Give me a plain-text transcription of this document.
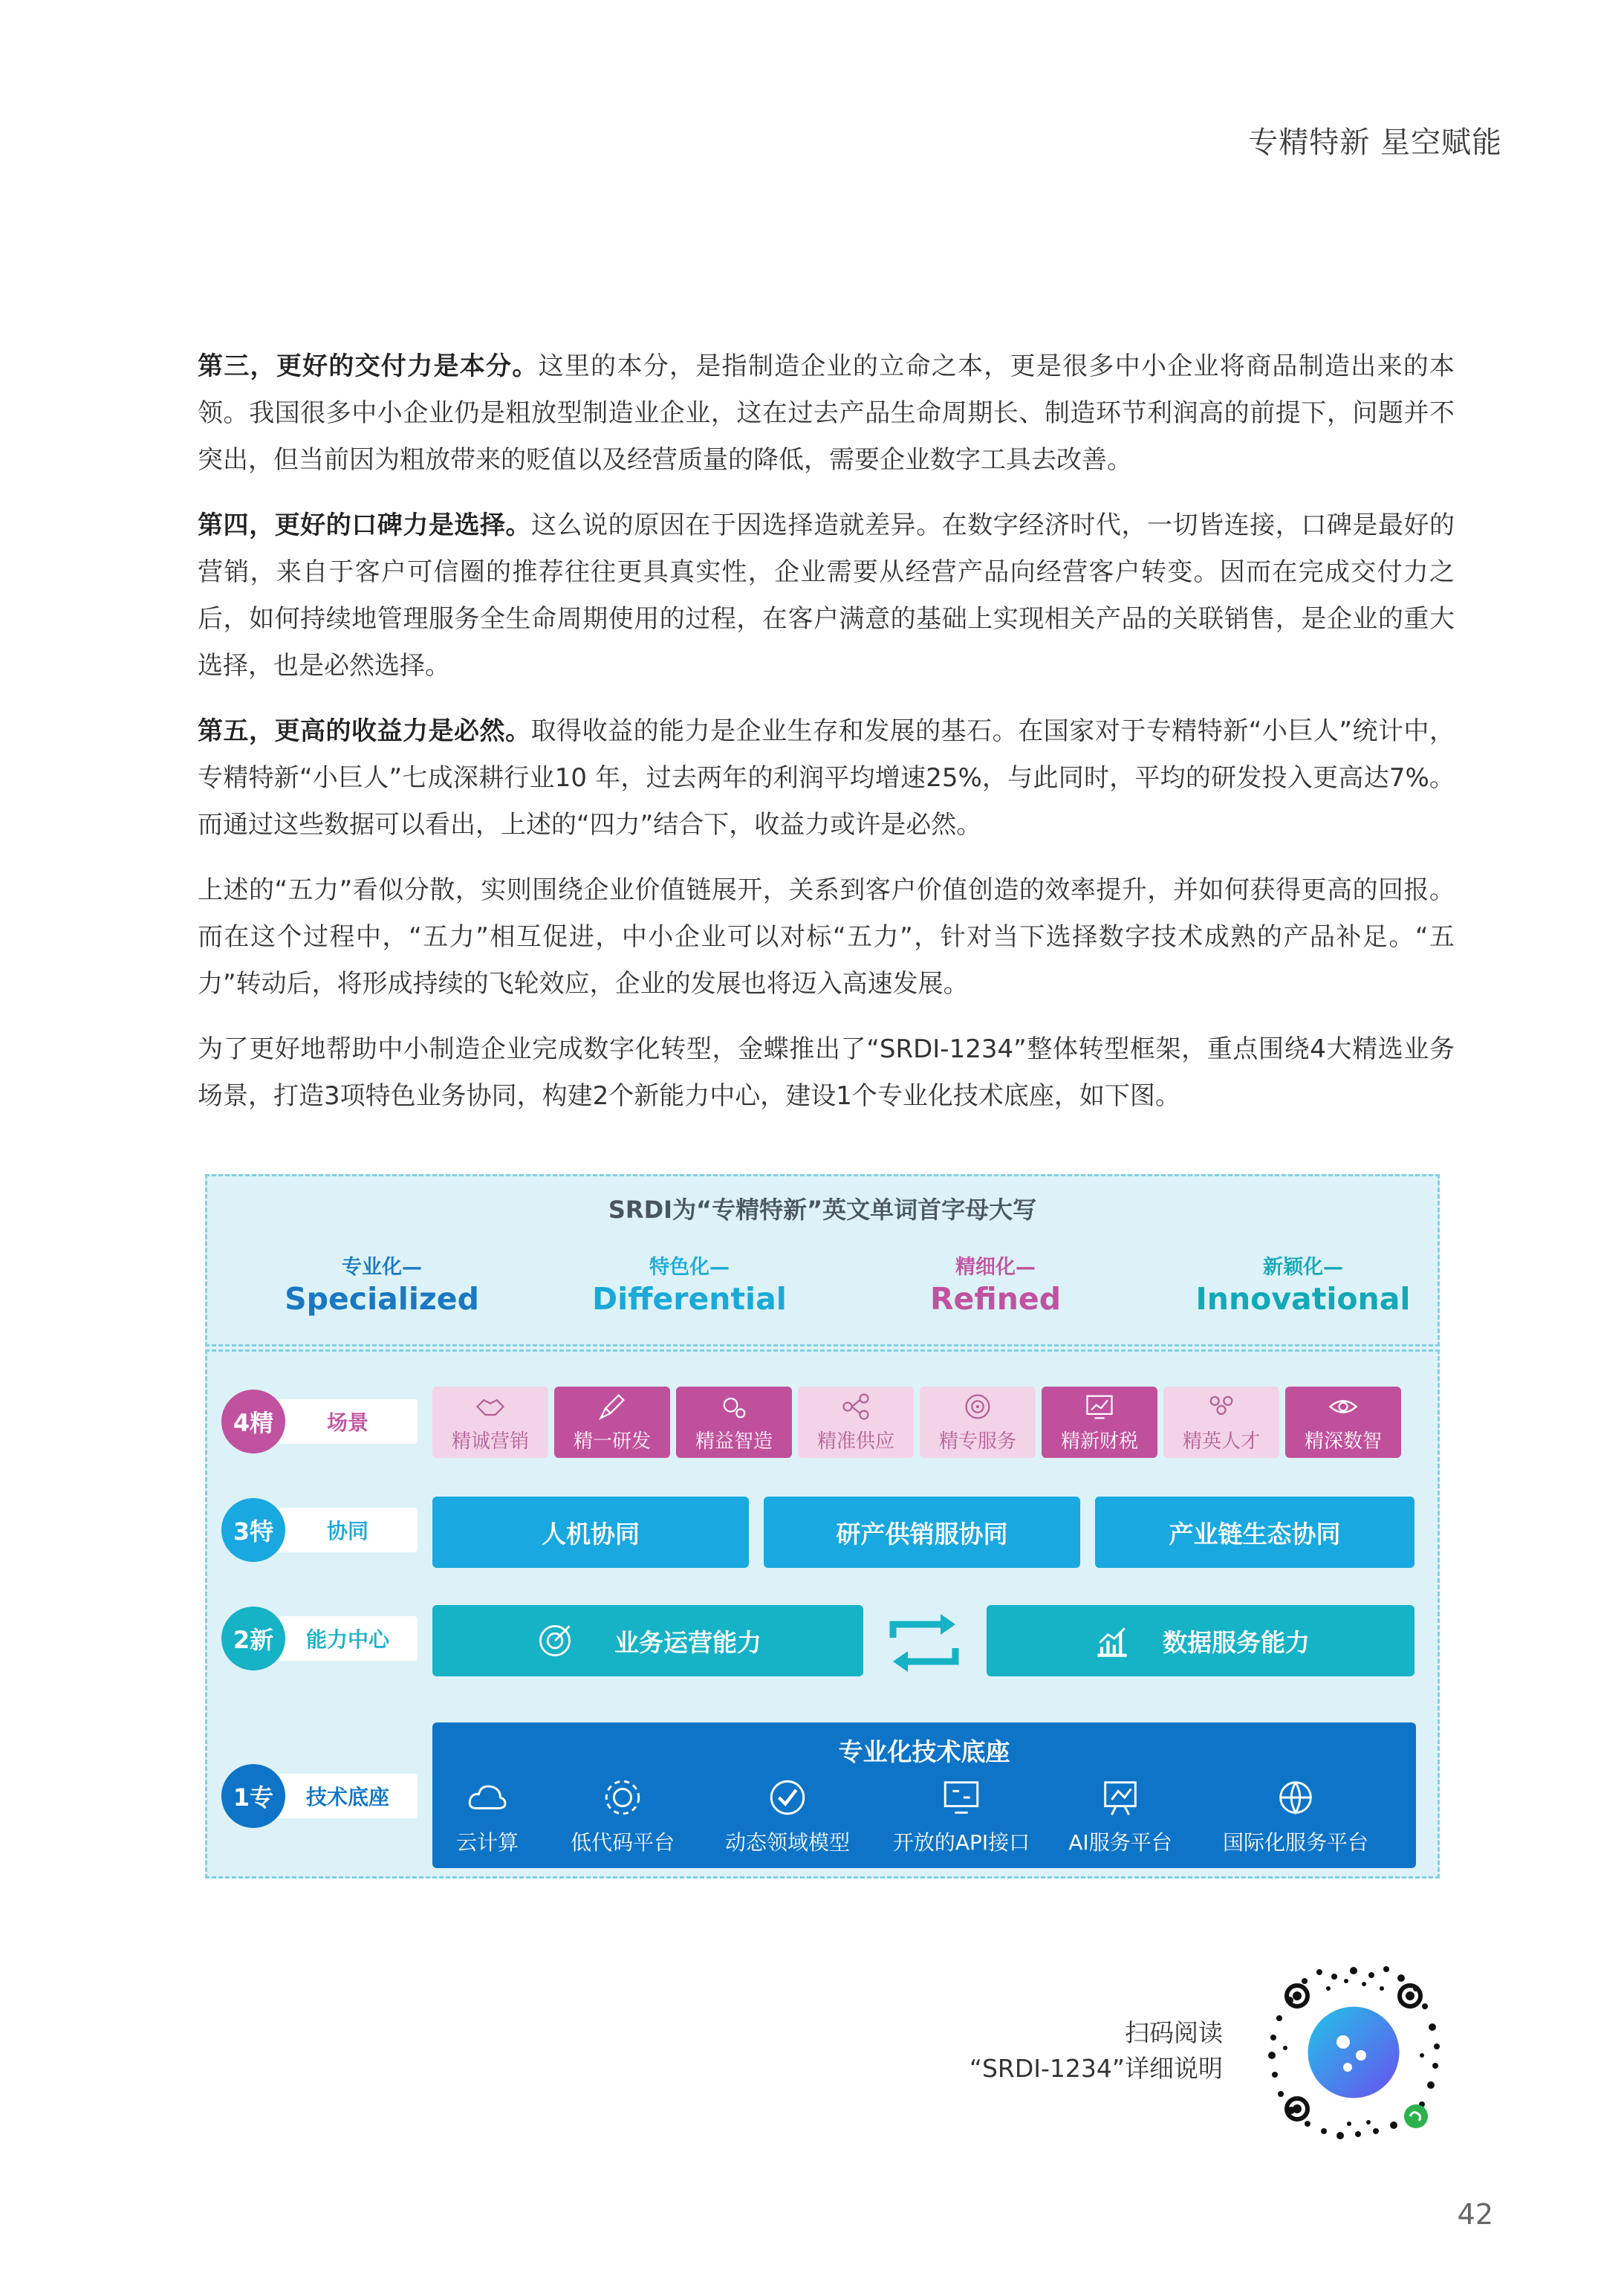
专精特新 星空赋能

第三，更好的交付力是本分。这里的本分，是指制造企业的立命之本，更是很多中小企业将商品制造出来的本领。我国很多中小企业仍是粗放型制造业企业，这在过去产品生命周期长、制造环节利润高的前提下，问题并不突出，但当前因为粗放带来的贬值以及经营质量的降低，需要企业数字工具去改善。

第四，更好的口碑力是选择。这么说的原因在于因选择造就差异。在数字经济时代，一切皆连接，口碑是最好的营销，来自于客户可信圈的推荐往往更具真实性，企业需要从经营产品向经营客户转变。因而在完成交付力之后，如何持续地管理服务全生命周期使用的过程，在客户满意的基础上实现相关产品的关联销售，是企业的重大选择，也是必然选择。

第五，更高的收益力是必然。取得收益的能力是企业生存和发展的基石。在国家对于专精特新“小巨人”统计中，专精特新“小巨人”七成深耕行业10 年，过去两年的利润平均增速25%，与此同时，平均的研发投入更高达7%。而通过这些数据可以看出，上述的“四力”结合下，收益力或许是必然。

上述的“五力”看似分散，实则围绕企业价值链展开，关系到客户价值创造的效率提升，并如何获得更高的回报。而在这个过程中，“五力”相互促进，中小企业可以对标“五力”，针对当下选择数字技术成熟的产品补足。“五力”转动后，将形成持续的飞轮效应，企业的发展也将迈入高速发展。

为了更好地帮助中小制造企业完成数字化转型，金蝶推出了“SRDI-1234”整体转型框架，重点围绕4大精选业务场景，打造3项特色业务协同，构建2个新能力中心，建设1个专业化技术底座，如下图。

SRDI为“专精特新”英文单词首字母大写
专业化—
Specialized
特色化—
Differential
精细化—
Refined
新颖化—
Innovational
4精	场景
3特	协同
2新	能力中心
1专	技术底座
精诚营销 精一研发 精益智造 精准供应 精专服务 精新财税 精英人才 精深数智
人机协同	研产供销服协同	产业链生态协同
业务运营能力	数据服务能力
专业化技术底座
云计算	低代码平台	动态领域模型	开放的API接口	AI服务平台	国际化服务平台
扫码阅读
“SRDI-1234”详细说明
42
